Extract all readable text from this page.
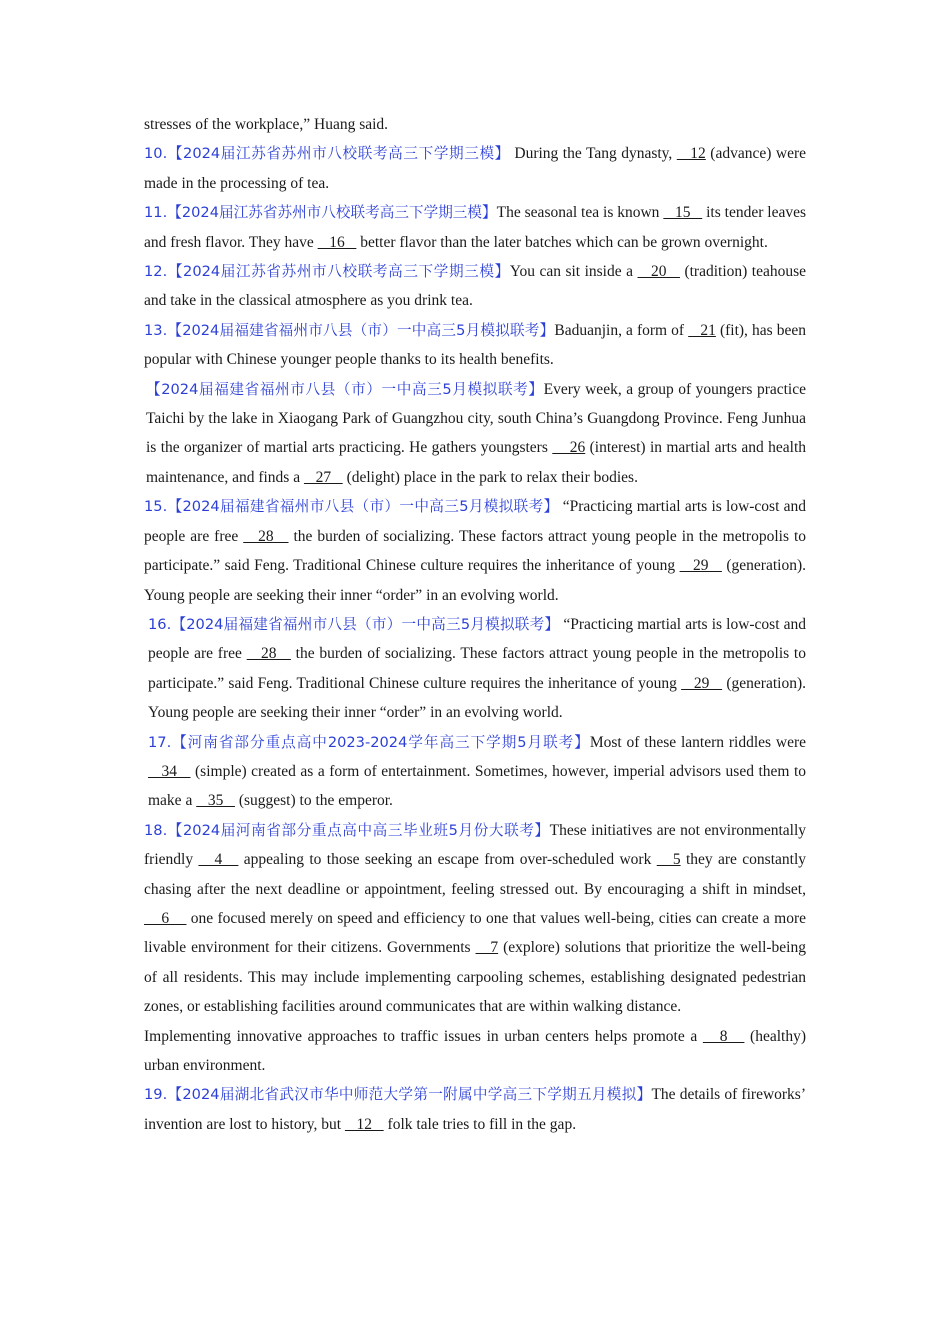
stresses of the workplace,” Huang said.

10.【2024届江苏省苏州市八校联考高三下学期三模】 During the Tang dynasty,    12 (advance) were made in the processing of tea.

11.【2024届江苏省苏州市八校联考高三下学期三模】The seasonal tea is known    15    its tender leaves and fresh flavor. They have    16    better flavor than the later batches which can be grown overnight.

12.【2024届江苏省苏州市八校联考高三下学期三模】You can sit inside a    20    (tradition) teahouse and take in the classical atmosphere as you drink tea.

13.【2024届福建省福州市八县（市）一中高三5月模拟联考】Baduanjin, a form of    21 (fit), has been popular with Chinese younger people thanks to its health benefits.

【2024届福建省福州市八县（市）一中高三5月模拟联考】Every week, a group of youngers practice Taichi by the lake in Xiaogang Park of Guangzhou city, south China’s Guangdong Province. Feng Junhua is the organizer of martial arts practicing. He gathers youngsters     26 (interest) in martial arts and health maintenance, and finds a    27    (delight) place in the park to relax their bodies.

15.【2024届福建省福州市八县（市）一中高三5月模拟联考】 “Practicing martial arts is low-cost and people are free    28    the burden of socializing. These factors attract young people in the metropolis to participate.” said Feng. Traditional Chinese culture requires the inheritance of young    29    (generation). Young people are seeking their inner “order” in an evolving world.

16.【2024届福建省福州市八县（市）一中高三5月模拟联考】 “Practicing martial arts is low-cost and people are free    28    the burden of socializing. These factors attract young people in the metropolis to participate.” said Feng. Traditional Chinese culture requires the inheritance of young    29    (generation). Young people are seeking their inner “order” in an evolving world.

17.【河南省部分重点高中2023-2024学年高三下学期5月联考】Most of these lantern riddles were    34    (simple) created as a form of entertainment. Sometimes, however, imperial advisors used them to make a    35    (suggest) to the emperor.

18.【2024届河南省部分重点高中高三毕业班5月份大联考】These initiatives are not environmentally friendly    4    appealing to those seeking an escape from over-scheduled work    5 they are constantly chasing after the next deadline or appointment, feeling stressed out. By encouraging a shift in mindset,     6     one focused merely on speed and efficiency to one that values well-being, cities can create a more livable environment for their citizens. Governments    7 (explore) solutions that prioritize the well-being of all residents. This may include implementing carpooling schemes, establishing designated pedestrian zones, or establishing facilities around communicates that are within walking distance.

Implementing innovative approaches to traffic issues in urban centers helps promote a    8    (healthy) urban environment.

19.【2024届湖北省武汉市华中师范大学第一附属中学高三下学期五月模拟】The details of fireworks’ invention are lost to history, but    12    folk tale tries to fill in the gap.
